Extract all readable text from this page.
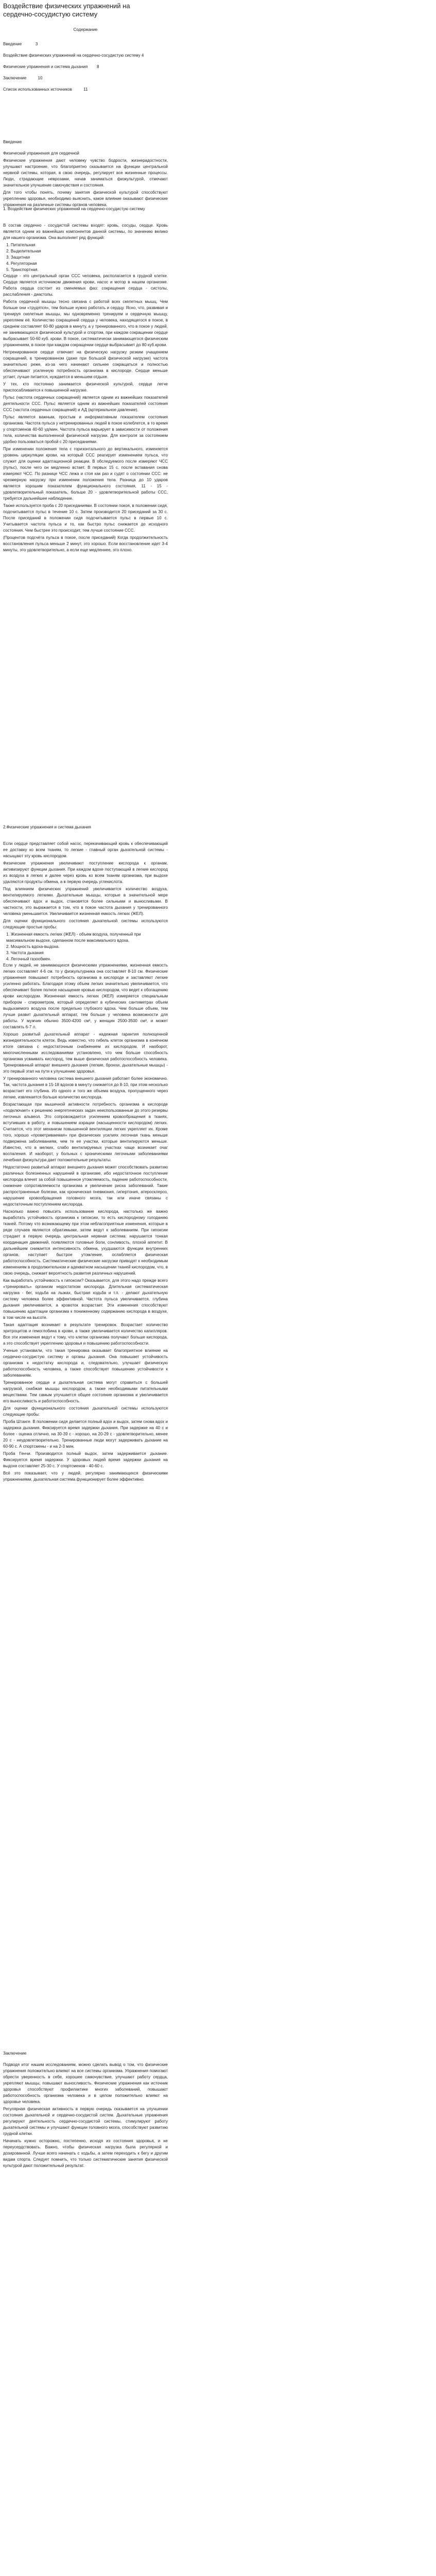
Воздействие физических упражнений на сердечно-сосудистую систему
Содержание
Введение            3
Воздействие физических упражнений на сердечно-сосудистую систему 4
Физические упражнения и система дыхания        8
Заключение          10
Список использованных источников          11
Введение

Физический упражнения для сердечной

Физические упражнения дают человеку чувство бодрости, жизнерадостности, улучшают настроение, что благоприятно сказывается на функции центральной нервной системы, которая, в свою очередь, регулирует все жизненные процессы. Люди, страдающие неврозами, начав заниматься физкультурой, отмечают значительное улучшение самочувствия и состояния.

Для того чтобы понять, почему занятия физической культурой способствуют укреплению здоровья, необходимо выяснить, какое влияние оказывают физические упражнения на различные системы органов человека.

1. Воздействие физических упражнений на сердечно-сосудистую систему

В состав сердечно - сосудистой системы входят: кровь, сосуды, сердце. Кровь является одним из важнейших компонентов данной системы, по значению велико для нашего организма. Она выполняет ряд функций:

1. Питательная
2. Выделительная
3. Защитная
4. Регуляторная
5. Транспортная.

Сердце - это центральный орган ССС человека, располагается в грудной клетке. Сердце является источником движения крови, насос и мотор в нашем организме. Работа сердца состоит из сменяемых фаз: сокращения сердца - систолы, расслабления - диастолы.

Работа сердечной мышцы тесно связана с работой всех скелетных мышц. Чем больше они «трудятся», тем больше нужно работать и сердцу. Ясно, что, развивая и тренируя скелетные мышцы, мы одновременно тренируем и сердечную мышцу, укрепляем её. Количество сокращений сердца у человека, находящегося в покое, в среднем составляет 60-80 ударов в минуту, а у тренированного, что в покое у людей, не занимающихся физической культурой и спортом, при каждом сокращении сердце выбрасывает 50-60 куб. крови. В покое, систематически занимающегося физическим упражнением, в покое при каждом сокращении сердце выбрасывает до 80 куб.крови.

Нетренированное сердце отвечает на физическую нагрузку резким учащением сокращений, в тренированном (даже при большой физической нагрузке) частота значительно реже, из-за чего начинают сильнее сокращаться и полностью обеспечивают усиленную потребность организма в кислороде. Сердце меньше устает, лучше питается, нуждается в меньшем отдыхе.

У тех, кто постоянно занимается физической культурой, сердце легче приспосабливается к повышенной нагрузке.

Пульс (частота сердечных сокращений) является одним из важнейших показателей деятельности ССС. Пульс является одним из важнейших показателей состояния ССС (частота сердечных сокращений) и АД (артериальное давление).

Пульс является важным, простым и информативным показателем состояния организма. Частота пульса у нетренированных людей в покое колеблется, в то время у спортсменов 40-60 уд/мин. Частота пульса варьирует в зависимости от положения тела, количества выполненной физической нагрузки. Для контроля за состоянием удобно пользоваться пробой с 20 приседаниями.

При изменении положения тела с горизонтального до вертикального, изменяется уровень циркуляции крови, на который ССС реагирует изменением пульса, что служит для оценки адаптационной реакции. В обследуемого после измеряют ЧСС (пульс), после чего он медленно встает. В первых 15 с. после вставания снова измеряют ЧСС. По разнице ЧСС лежа и стоя как раз и судят о состоянии ССС: не чрезмерную нагрузку при изменении положения тела. Разница до 10 ударов является хорошим показателем функционального состояния, 11 - 15 - удовлетворительный показатель, больше 20 - удовлетворительной работы ССС, требуется дальнейшее наблюдение.

Также используется проба с 20 приседаниями. В состоянии покоя, в положении сидя, подсчитывается пульс в течение 10 с. Затем производится 20 приседаний за 30 с. После приседаний в положении сидя подсчитывается пульс в первые 10 с. Учитывается частота пульса и то, как быстро пульс снижается до исходного состояния. Чем быстрее это происходит, тем лучше состояние ССС.

(Процентов подсчёта пульса в покое, после приседаний) Когда продолжительность восстановления пульса меньше 2 минут, это хорошо. Если восстановление идет 3-4 минуты, это удовлетворительно, а если еще медленнее, это плохо.

2.Физические упражнения и система дыхания

Если сердце представляет собой насос, перекачивающий кровь к обеспечивающий ее доставку ко всем тканям, то легкие - главный орган дыхательной системы - насыщают эту кровь кислородом.

Физические упражнения увеличивают поступление кислорода к органам, активизируют функции дыхания. При каждом вдохе поступающий в легкие кислород из воздуха в легких и далее через кровь ко всем тканям организма, при выдохе удаляются продукты обмена, а в первую очередь углекислота.

Под влиянием физических упражнений увеличивается количество воздуха, вентилируемого легкими. Дыхательные мышцы, которые в значительной мере обеспечивают вдох и выдох, становятся более сильными и выносливыми. В частности, это выражается в том, что в покое частота дыхания у тренированного человека уменьшается. Увеличивается жизненная емкость легких (ЖЕЛ).

Для оценки функционального состояния дыхательной системы используются следующие простые пробы:

1. Жизненная емкость легких (ЖЕЛ) - объем воздуха, полученный при максимальном выдохе, сделанном после максимального вдоха.
2. Мощность вдоха-выдоха.
3. Частота дыхания
4. Легочный газообмен.

Если у людей, не занимающихся физическими упражнениями, жизненная емкость легких составляет 4-6 см. то у физкультурника она составляет 8-10 см. Физические упражнения повышают потребность организма в кислороде и заставляют легкие усиленно работать. Благодаря этому объем легких значительно увеличивается, что обеспечивает более полное насыщение кровью кислородом, что ведет к обогащению крови кислородом. Жизненная емкость легких (ЖЕЛ) измеряется специальным прибором - спирометром, который определяет в кубических сантиметрах объем выдыхаемого воздуха после предельно глубокого вдоха. Чем больше объем, тем лучше развит дыхательный аппарат, тем больше у человека возможности для работы. У мужчин обычно 3500-4200 см³, у женщин 2500-3500 см³, и может составлять 6-7 л.

Хорошо развитый дыхательный аппарат - надежная гарантия полноценной жизнедеятельности клеток. Ведь известно, что гибель клеток организма в конечном итоге связана с недостаточным снабжением их кислородом. И наоборот, многочисленными исследованиями установлено, что чем больше способность организма усваивать кислород, тем выше физическая работоспособность человека. Тренированный аппарат внешнего дыхания (легкие, бронхи, дыхательные мышцы) - это первый этап на пути к улучшению здоровья.

У тренированного человека система внешнего дыхания работает более экономично. Так, частота дыхания в 15-18 вдохов в минуту снижается до 8-10, при этом несколько возрастает его глубина. Из одного и того же объема воздуха, пропущенного через легкие, извлекается больше количество кислорода.

Возрастающая при мышечной активности потребность организма в кислороде «подключает» к решению энергетических задач неиспользованные до этого резервы легочных альвеол. Это сопровождается усилением кровообращения в тканях, вступивших в работу, и повышением аэрации (насыщенности кислородом) легких. Считается, что этот механизм повышенной вентиляции легких укрепляет их. Кроме того, хорошо «проветриваемая» при физических усилиях легочная ткань меньше подвержена заболеваниям, чем те ее участки, которые вентилируются меньше. Известно, что в мелких, слабо вентилируемых участках чаще возникает очаг воспаления. И наоборот, у больных с хроническими легочными заболеваниями лечебная физкультура дает положительные результаты.

Недостаточно развитый аппарат внешнего дыхания может способствовать развитию различных болезненных нарушений в организме, ибо недостаточное поступление кислорода влечет за собой повышенное утомляемость, падение работоспособности, снижение сопротивляемости организма и увеличение риска заболеваний. Такие распространенные болезни, как хроническая пневмония, гипертония, атеросклероз, нарушение кровообращения головного мозга, так или иначе связаны с недостаточным поступлением кислорода.

Насколько важно повысить использование кислорода, настолько же важно выработать устойчивость организма к гипоксии, то есть кислородному голоданию тканей. Потому что возникающему при этом неблагоприятные изменения, которые в ряде случаев являются обратимыми, затем ведут к заболеваниям. При гипоксии страдает в первую очередь центральная нервная система: нарушается тонкая координация движений, появляются головные боли, сонливость, плохой аппетит. В дальнейшем снижается интенсивность обмена, ухудшаются функции внутренних органов, наступает быстрое утомление, ослабляется физическая работоспособность. Систематические физические нагрузки приводят к необходимым изменениям в продолжительном и адекватном насыщении тканей кислородом, что, в свою очередь, снижает вероятность развития различных нарушений.

Как выработать устойчивость к гипоксии? Оказывается, для этого надо прежде всего «тренировать» организм недостатком кислорода. Длительная систематическая нагрузка - бег, ходьба на лыжах, быстрая ходьба и т.п. - делают дыхательную систему человека более эффективной. Частота пульса увеличивается, глубина дыхания увеличивается, а кровоток возрастает. Эти изменения способствуют повышению адаптации организма к пониженному содержанию кислорода в воздухе, в том числе на высоте.

Такая адаптация возникает в результате тренировок. Возрастает количество эритроцитов и гемоглобина в крови, а также увеличивается количество капилляров. Все эти изменения ведут к тому, что клетки организма получают больше кислорода, а это способствует укреплению здоровья и повышению работоспособности.

Ученые установили, что такая тренировка оказывает благоприятное влияние на сердечно-сосудистую систему и органы дыхания. Она повышает устойчивость организма к недостатку кислорода и, следовательно, улучшает физическую работоспособность человека, а также способствует повышению устойчивости к заболеваниям.

Тренированное сердце и дыхательная система могут справиться с большей нагрузкой, снабжая мышцы кислородом, а также необходимыми питательными веществами. Тем самым улучшается общее состояние организма и увеличивается его выносливость и работоспособность.

Для оценки функционального состояния дыхательной системы используются следующие пробы:

Проба Штанге. В положении сидя делается полный вдох и выдох, затем снова вдох и задержка дыхания. Фиксируется время задержки дыхания. При задержке на 40 с и более - оценка отлично, на 30-39 с - хорошо, на 20-29 с - удовлетворительно, менее 20 с - неудовлетворительно. Тренированные люди могут задерживать дыхание на 60-90 с. А спортсмены - и на 2-3 мин.

Проба Генчи. Производится полный выдох, затем задерживается дыхание. Фиксируется время задержки. У здоровых людей время задержки дыхания на выдохе составляет 25-30 с. У спортсменов - 40-60 с.

Всё это показывает, что у людей, регулярно занимающихся физическими упражнениями, дыхательная система функционирует более эффективно.

Заключение

Подводя итог нашим исследованиям, можно сделать вывод о том, что физические упражнения положительно влияют на все системы организма. Упражнения помогают обрести уверенность в себе, хорошее самочувствие, улучшают работу сердца, укрепляют мышцы, повышают выносливость. Физические упражнения как источник здоровья способствуют профилактике многих заболеваний, повышают работоспособность организма человека и в целом положительно влияют на здоровье человека.

Регулярная физическая активность в первую очередь сказывается на улучшении состояния дыхательной и сердечно-сосудистой систем. Дыхательные упражнения регулируют деятельность сердечно-сосудистой системы, стимулируют работу дыхательной системы и улучшают функции головного мозга, способствуют развитию грудной клетки.

Начинать нужно осторожно, постепенно, исходя из состояния здоровья, и не переусердствовать. Важно, чтобы физическая нагрузка была регулярной и дозированной. Лучше всего начинать с ходьбы, а затем переходить к бегу и другим видам спорта. Следует помнить, что только систематические занятия физической культурой дают положительный результат.
